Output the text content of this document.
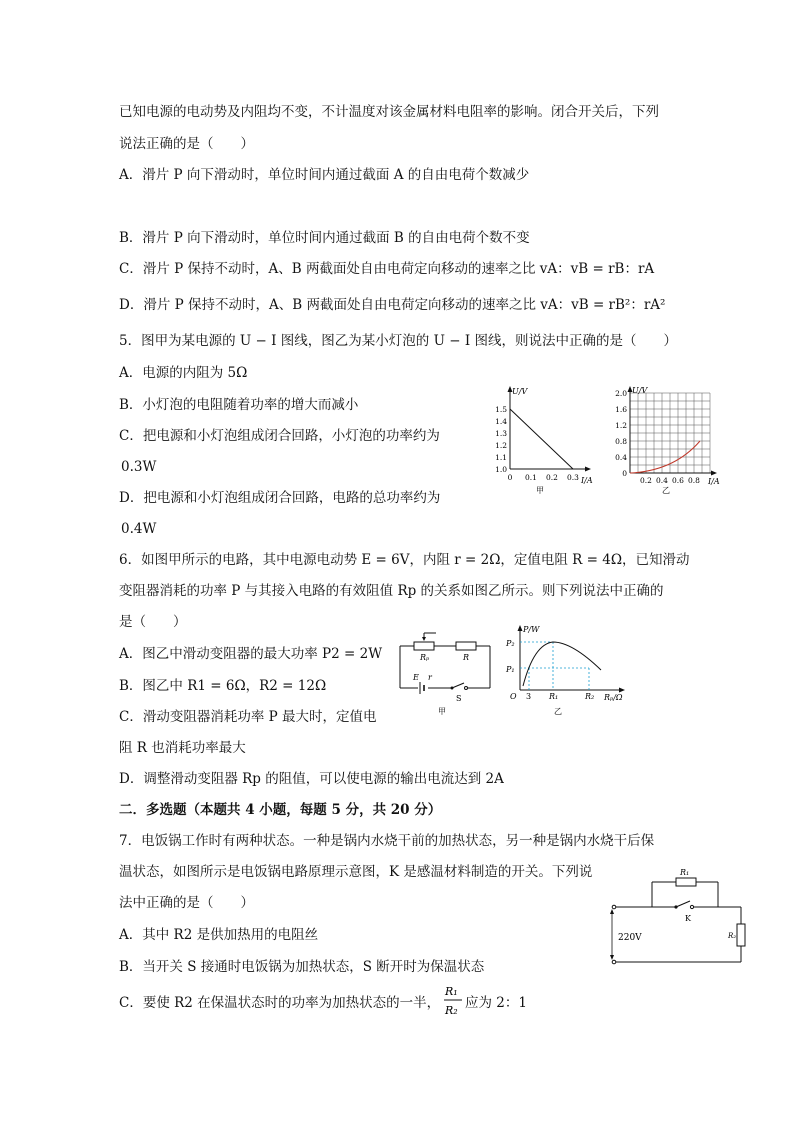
已知电源的电动势及内阻均不变，不计温度对该金属材料电阻率的影响。闭合开关后，下列
说法正确的是（　　）
A．滑片 P 向下滑动时，单位时间内通过截面 A 的自由电荷个数减少
B．滑片 P 向下滑动时，单位时间内通过截面 B 的自由电荷个数不变
C．滑片 P 保持不动时，A、B 两截面处自由电荷定向移动的速率之比 vA：vB = rB：rA
D．滑片 P 保持不动时，A、B 两截面处自由电荷定向移动的速率之比 vA：vB = rB²：rA²
5．图甲为某电源的 U − I 图线，图乙为某小灯泡的 U − I 图线，则说法中正确的是（　　）
A．电源的内阻为 5Ω
B．小灯泡的电阻随着功率的增大而减小
C．把电源和小灯泡组成闭合回路，小灯泡的功率约为
0.3W
D．把电源和小灯泡组成闭合回路，电路的总功率约为
0.4W
6．如图甲所示的电路，其中电源电动势 E = 6V，内阻 r = 2Ω，定值电阻 R = 4Ω，已知滑动
变阻器消耗的功率 P 与其接入电路的有效阻值 Rp 的关系如图乙所示。则下列说法中正确的
是（　　）
A．图乙中滑动变阻器的最大功率 P2 = 2W
B．图乙中 R1 = 6Ω，R2 = 12Ω
C．滑动变阻器消耗功率 P 最大时，定值电
阻 R 也消耗功率最大
D．调整滑动变阻器 Rp 的阻值，可以使电源的输出电流达到 2A
二．多选题（本题共 4 小题，每题 5 分，共 20 分）
7．电饭锅工作时有两种状态。一种是锅内水烧干前的加热状态，另一种是锅内水烧干后保
温状态，如图所示是电饭锅电路原理示意图，K 是感温材料制造的开关。下列说
法中正确的是（　　）
A．其中 R2 是供加热用的电阻丝
B．当开关 S 接通时电饭锅为加热状态，S 断开时为保温状态
C．要使 R2 在保温状态时的功率为加热状态的一半， 应为 2：1
R₁
R₂
U/V
I/A
1.0
1.1
1.2
1.3
1.4
1.5
0 0.1 0.2 0.3
甲
U/V
I/A
0
0.4
0.8
1.2
1.6
2.0
0.2 0.4 0.6 0.8
乙
Rₚ	R
E r
S
甲
P/W
Rₚ/Ω
P₂
P₁
O 3 R₁	R₂
乙
R₁
K
R₂
220V
